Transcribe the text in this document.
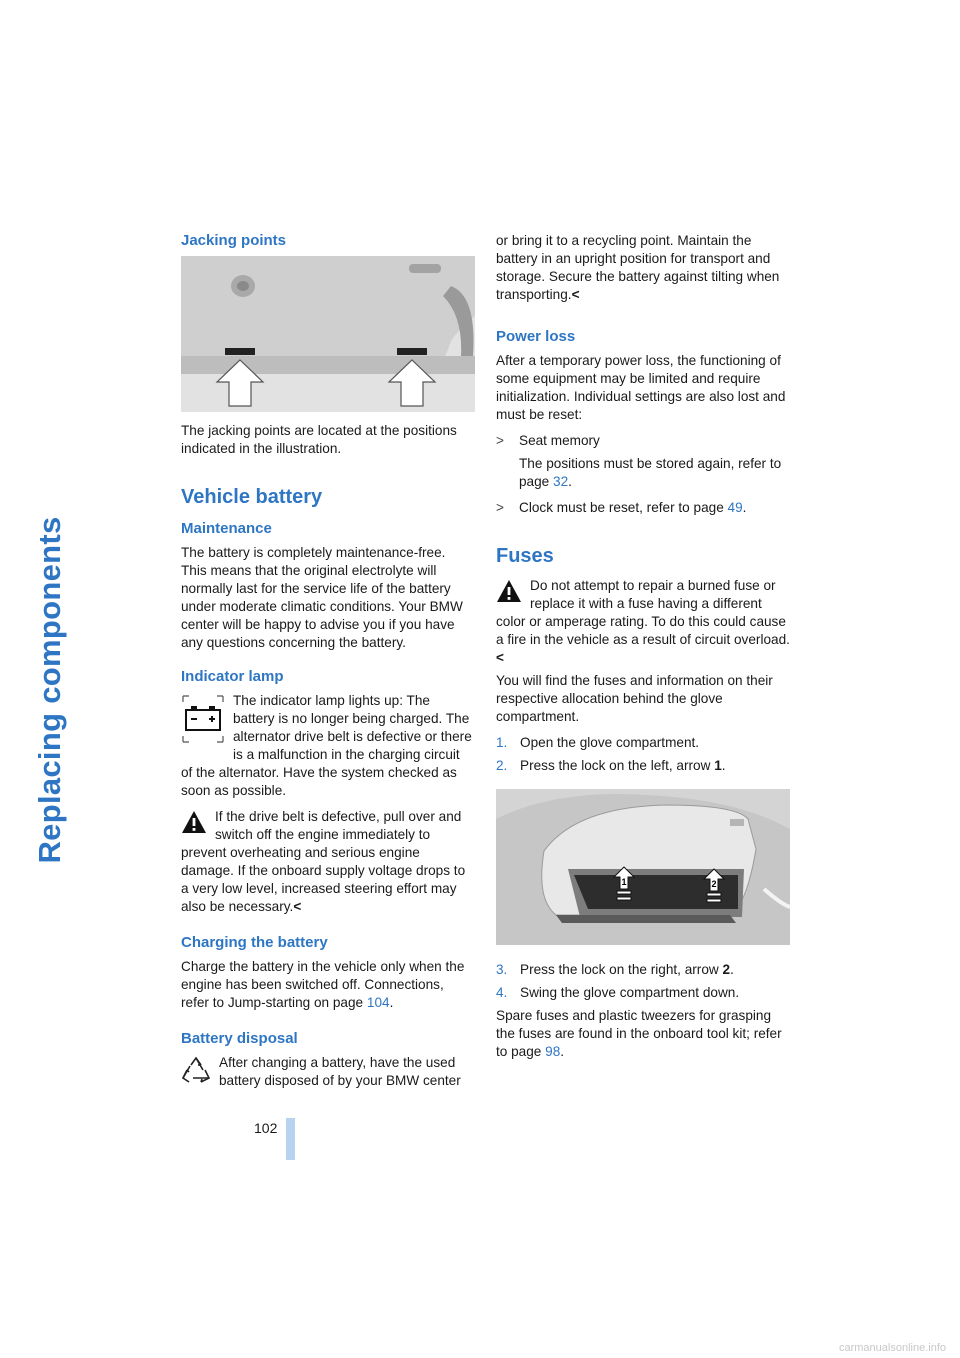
Replacing components
Jacking points

The jacking points are located at the positions indicated in the illustration.

Vehicle battery
Maintenance

The battery is completely maintenance-free. This means that the original electrolyte will normally last for the service life of the battery under moderate climatic conditions. Your BMW center will be happy to advise you if you have any questions concerning the battery.

Indicator lamp

The indicator lamp lights up: The battery is no longer being charged. The alternator drive belt is defective or there is a malfunction in the charging circuit of the alternator. Have the system checked as soon as possible.

If the drive belt is defective, pull over and switch off the engine immediately to prevent overheating and serious engine damage. If the onboard supply voltage drops to a very low level, increased steering effort may also be necessary.<

Charging the battery

Charge the battery in the vehicle only when the engine has been switched off. Connections, refer to Jump-starting on page 104.

Battery disposal

After changing a battery, have the used battery disposed of by your BMW center

or bring it to a recycling point. Maintain the battery in an upright position for transport and storage. Secure the battery against tilting when transporting.<

Power loss

After a temporary power loss, the functioning of some equipment may be limited and require initialization. Individual settings are also lost and must be reset:

>	Seat memory

The positions must be stored again, refer to page 32.

>	Clock must be reset, refer to page 49.
Fuses

Do not attempt to repair a burned fuse or replace it with a fuse having a different color or amperage rating. To do this could cause a fire in the vehicle as a result of circuit overload.<

You will find the fuses and information on their respective allocation behind the glove compartment.

1. Open the glove compartment.
2. Press the lock on the left, arrow 1.
1	2
3. Press the lock on the right, arrow 2.
4. Swing the glove compartment down.

Spare fuses and plastic tweezers for grasping the fuses are found in the onboard tool kit; refer to page 98.

102
carmanualsonline.info
